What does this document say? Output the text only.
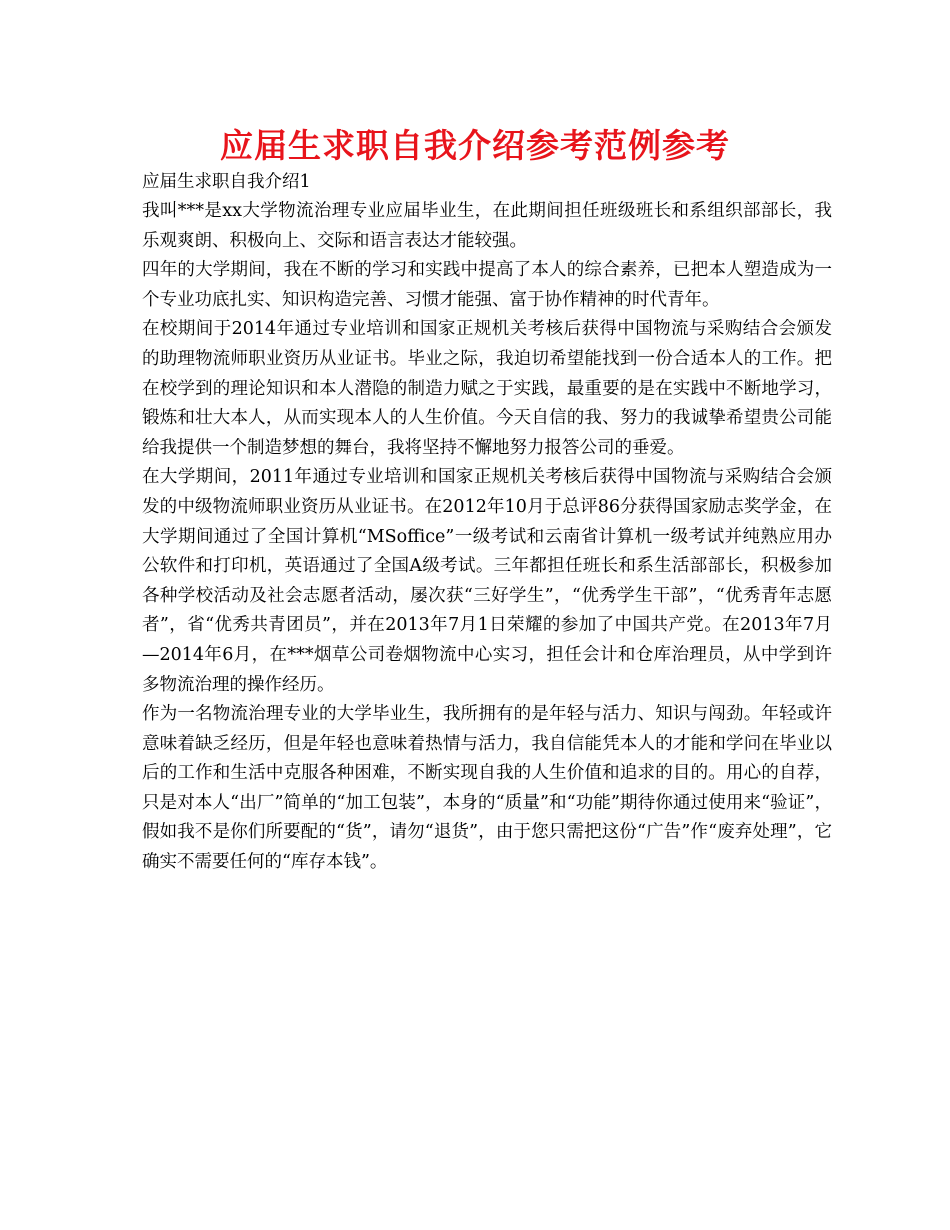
应届生求职自我介绍参考范例参考

应届生求职自我介绍1

我叫***是xx大学物流治理专业应届毕业生，在此期间担任班级班长和系组织部部长，我乐观爽朗、积极向上、交际和语言表达才能较强。

四年的大学期间，我在不断的学习和实践中提高了本人的综合素养，已把本人塑造成为一个专业功底扎实、知识构造完善、习惯才能强、富于协作精神的时代青年。

在校期间于2014年通过专业培训和国家正规机关考核后获得中国物流与采购结合会颁发的助理物流师职业资历从业证书。毕业之际，我迫切希望能找到一份合适本人的工作。把在校学到的理论知识和本人潜隐的制造力赋之于实践，最重要的是在实践中不断地学习，锻炼和壮大本人，从而实现本人的人生价值。今天自信的我、努力的我诚挚希望贵公司能给我提供一个制造梦想的舞台，我将坚持不懈地努力报答公司的垂爱。

在大学期间，2011年通过专业培训和国家正规机关考核后获得中国物流与采购结合会颁发的中级物流师职业资历从业证书。在2012年10月于总评86分获得国家励志奖学金，在大学期间通过了全国计算机“MSoffice”一级考试和云南省计算机一级考试并纯熟应用办公软件和打印机，英语通过了全国A级考试。三年都担任班长和系生活部部长，积极参加各种学校活动及社会志愿者活动，屡次获“三好学生”，“优秀学生干部”，“优秀青年志愿者”，省“优秀共青团员”，并在2013年7月1日荣耀的参加了中国共产党。在2013年7月—2014年6月，在***烟草公司卷烟物流中心实习，担任会计和仓库治理员，从中学到许多物流治理的操作经历。

作为一名物流治理专业的大学毕业生，我所拥有的是年轻与活力、知识与闯劲。年轻或许意味着缺乏经历，但是年轻也意味着热情与活力，我自信能凭本人的才能和学问在毕业以后的工作和生活中克服各种困难，不断实现自我的人生价值和追求的目的。用心的自荐，只是对本人“出厂”简单的“加工包装”，本身的“质量”和“功能”期待你通过使用来“验证”，假如我不是你们所要配的“货”，请勿“退货”，由于您只需把这份“广告”作“废弃处理”，它确实不需要任何的“库存本钱”。
